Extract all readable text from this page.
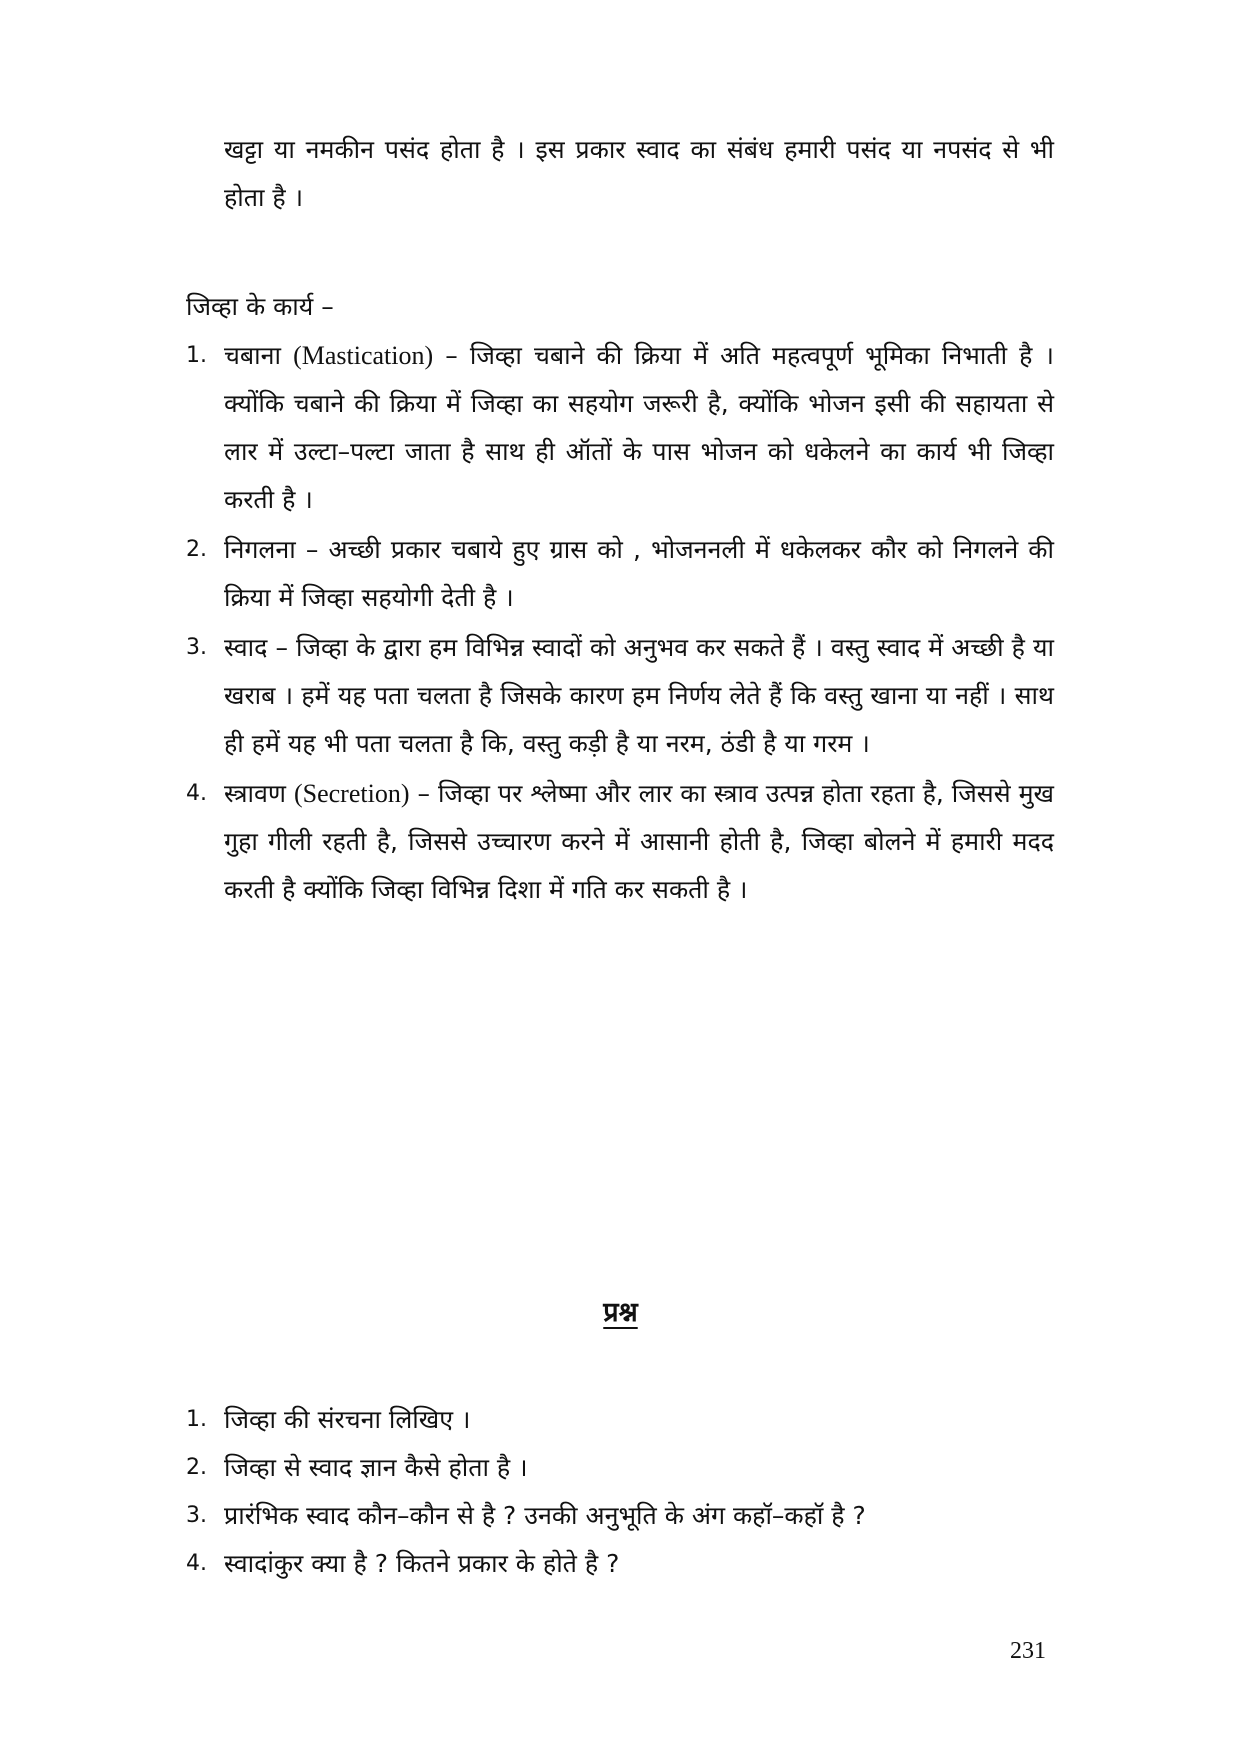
खट्टा या नमकीन पसंद होता है । इस प्रकार स्वाद का संबंध हमारी पसंद या नपसंद से भी होता है ।

जिव्हा के कार्य –
1. चबाना (Mastication) – जिव्हा चबाने की क्रिया में अति महत्वपूर्ण भूमिका निभाती है । क्योंकि चबाने की क्रिया में जिव्हा का सहयोग जरूरी है, क्योंकि भोजन इसी की सहायता से लार में उल्टा–पल्टा जाता है साथ ही ऑतों के पास भोजन को धकेलने का कार्य भी जिव्हा करती है ।
2. निगलना – अच्छी प्रकार चबाये हुए ग्रास को , भोजननली में धकेलकर कौर को निगलने की क्रिया में जिव्हा सहयोगी देती है ।
3. स्वाद – जिव्हा के द्वारा हम विभिन्न स्वादों को अनुभव कर सकते हैं । वस्तु स्वाद में अच्छी है या खराब । हमें यह पता चलता है जिसके कारण हम निर्णय लेते हैं कि वस्तु खाना या नहीं । साथ ही हमें यह भी पता चलता है कि, वस्तु कड़ी है या नरम, ठंडी है या गरम ।
4. स्त्रावण (Secretion) – जिव्हा पर श्लेष्मा और लार का स्त्राव उत्पन्न होता रहता है, जिससे मुख गुहा गीली रहती है, जिससे उच्चारण करने में आसानी होती है, जिव्हा बोलने में हमारी मदद करती है क्योंकि जिव्हा विभिन्न दिशा में गति कर सकती है ।
प्रश्न
1. जिव्हा की संरचना लिखिए ।
2. जिव्हा से स्वाद ज्ञान कैसे होता है ।
3. प्रारंभिक स्वाद कौन–कौन से है ? उनकी अनुभूति के अंग कहॉ–कहॉ है ?
4. स्वादांकुर क्या है ? कितने प्रकार के होते है ?
231
